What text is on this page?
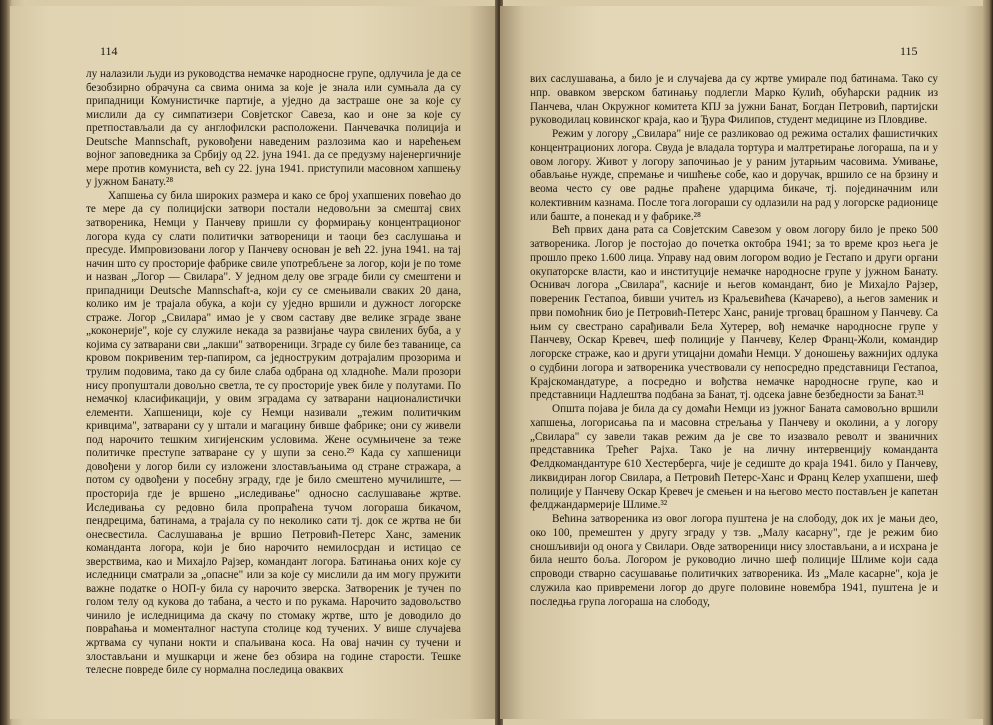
114

лу налазили људи из руководства немачке народносне групе, одлучила је да се безобзирно обрачуна са свима онима за које је знала или сумњала да су припадници Комунистичке партије, а уједно да застраше оне за које су мислили да су симпатизери Совјетског Савеза, као и оне за које су претпостављали да су англофилски расположени. Панчевачка полиција и Deutsche Mannschaft, руковођени наведеним разлозима као и нарећењем војног заповедника за Србију од 22. јуна 1941. да се предузму најенергичније мере против комуниста, већ су 22. јуна 1941. приступили масовном хапшењу у јужном Банату.²⁸

Хапшења су била широких размера и како се број ухапшених повећао до те мере да су полицијски затвори постали недовољни за смештај свих затвореника, Немци у Панчеву пришли су формирању концентрационог логора куда су слати политички затвореници и таоци без саслушања и пресуде. Импровизовани логор у Панчеву основан је већ 22. јуна 1941. на тај начин што су просторије фабрике свиле употребљене за логор, који је по томе и назван „Логор — Свилара". У једном делу ове зграде били су смештени и припадници Deutsche Mannschaft-а, који су се смењивали свaких 20 дана, колико им је трајала обука, а који су уједно вршили и дужност логорске страже. Логор „Свилара" имао је у свом саставу две велике зграде зване „коконерије", које су служиле некада за развијање чаура свилених буба, а у којима су затварани сви „лакши" затвореници. Зграде су биле без таванице, са кровом покривеним тер-папиром, са једноструким дотрајалим прозорима и трулим подовима, тако да су биле слаба одбрана од хладноће. Мали прозори нису пропуштали довољно светла, те су просторије увек биле у полутами. По немачкој класификацији, у овим зградама су затварани националистички елементи. Хапшеници, које су Немци називали „тежим политичким кривцима", затварани су у штали и магацину бивше фабрике; они су живели под нарочито тешким хигијенским условима. Жене осумњичене за теже политичке преступе затваране су у шупи за сено.²⁹ Када су хапшеници довођени у логор били су изложени злостављањима од стране стражара, а потом су одвођени у посебну зграду, где је било смештено мучилиште, — просторија где је вршено „иследивање" односно саслушавање жртве. Иследивања су редовно била пропраћена тучом логораша бикачом, пендрецима, батинама, а трајала су по неколико сати тј. док се жртва не би онесвестила. Саслушавања је вршио Петровић-Петерс Ханс, заменик команданта логора, који је био нарочито немилосрдан и истицао се зверствима, као и Михајло Рајзер, комaндант логора. Батинања оних које су иследници сматрали за „опасне" или за које су мислили да им могу пружити важне податке о НОП-у била су нарочито зверска. Затвореник је тучен по голом телу од кукова до табана, а често и по рукама. Нарочито задовољство чинило је иследницима да скачу по стомаку жртве, што је доводило до повраћања и моменталног наступа столице код тучених. У више случајева жртвама су чупани нокти и спаљивана коса. На овај начин су тучени и злостављани и мушкарци и жене без обзира на године старости. Тешке телесне повреде биле су нормална последица оваквих

115

вих саслушавања, а било је и случајева да су жртве умирале под батинама. Тако су нпр. овавком зверском батинању подлегли Марко Кулић, обућарски радник из Панчева, члан Окружног комитета КПЈ за јужни Банат, Богдан Петровић, партијски руководилац ковинског краја, као и Ђура Филипов, студент медицине из Пловдиве.

Режим у логору „Свилара" није се разликовао од режима осталих фашистичких концентрационих логора. Свуда је владала тортура и малтретирање логораша, па и у овом логору. Живот у логору започињао је у раним јутарњим часовима. Умивање, обављање нужде, спремање и чишћење собе, као и доручак, вршило се на брзину и веома често су ове радње праћене ударцима бикаче, тј. појединачним или колективним казнама. После тога логораши су одлазили на рад у логорске радионице или баште, а понекад и у фабрике.²⁸

Већ првих дана рата са Совјетским Савезом у овом логору било је преко 500 затвореника. Логор је постојао до почетка октобра 1941; за то време кроз њега је прошло преко 1.600 лица. Управу над овим логором водио је Гестапо и други органи окупаторске власти, као и институције немачке народносне групе у јужном Банату. Оснивач логора „Свилара", касније и његов командант, био је Михајло Рајзер, повереник Гестапоа, бивши учитељ из Краљевићева (Качарево), а његов заменик и први помоћник био је Петровић-Петерс Ханс, раније трговац брашном у Панчеву. Са њим су свестрано сарађивали Бела Хутерер, вођ немачке народносне групе у Панчеву, Оскар Кревеч, шеф полиције у Панчеву, Келер Франц-Жоли, командир логорске стражe, као и други утицајни домаћи Немци. У доношењу важнијих одлука о судбини логора и затвореника учествовали су непосредно представници Гестапоа, Крајскомандатуре, а посредно и вођства немачке народносне групе, као и представници Надлештва подбана за Банат, тј. одсека јавне безбедности за Банат.³¹

Општа појава је била да су домаћи Немци из јужног Баната самовољно вршили хапшења, логорисања па и масовна стрељања у Панчеву и околини, а у логору „Свилара" су завели такав режим да је све то изазвало револт и званичних представника Трећег Рајха. Тако је на личну интервенцију команданта Фелдкомандантуре 610 Хестерберга, чије је седиште до краја 1941. било у Панчеву, ликвидиран логор Свилара, а Петровић Петерс-Ханс и Франц Келер ухапшени, шеф полиције у Панчеву Оскар Кревеч је смењен и на његово место постављен је капетан фелджандармерије Шлиме.³²

Већина затвореника из овог логора пуштена је на слободу, док их је мањи део, око 100, премештен у другу зграду у тзв. „Малу касарну", где је режим био сношљивији од оногa у Свилари. Овде затвореници нису злостављани, а и исхрана је била нешто боља. Логором је руководио лично шеф полиције Шлиме кoји сада спроводи стварно сасушавање политичких затвореника. Из „Мале касарне", која је служила као привремени логор до друге половине новембра 1941, пуштена је и последња група логораша на слободу,
